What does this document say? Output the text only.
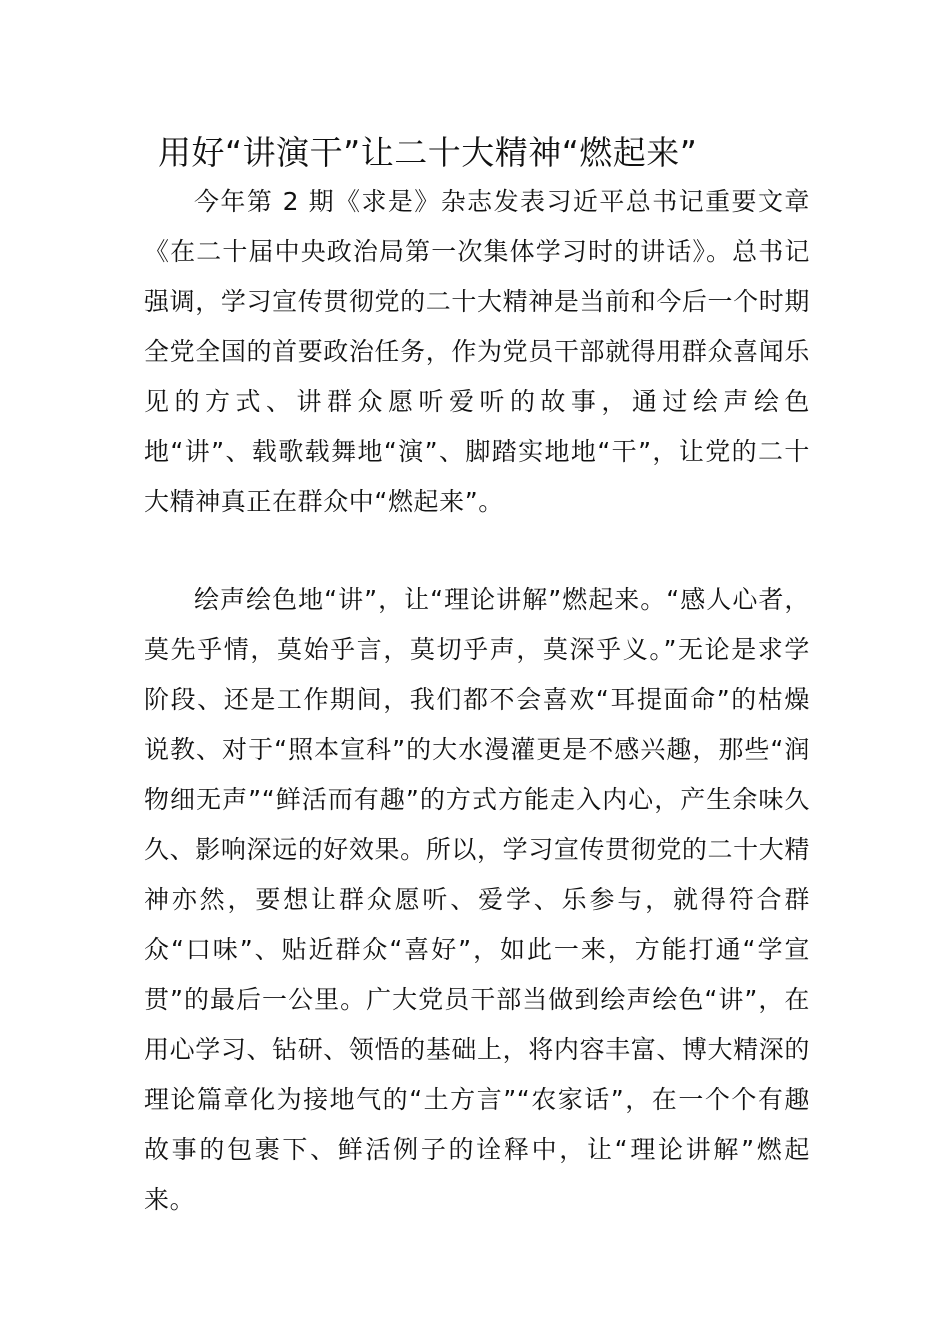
用好“讲演干”让二十大精神“燃起来”

今年第 2 期《求是》杂志发表习近平总书记重要文章《在二十届中央政治局第一次集体学习时的讲话》。总书记强调，学习宣传贯彻党的二十大精神是当前和今后一个时期全党全国的首要政治任务，作为党员干部就得用群众喜闻乐见的方式、讲群众愿听爱听的故事，通过绘声绘色地“讲”、载歌载舞地“演”、脚踏实地地“干”，让党的二十大精神真正在群众中“燃起来”。

绘声绘色地“讲”，让“理论讲解”燃起来。“感人心者，莫先乎情，莫始乎言，莫切乎声，莫深乎义。”无论是求学阶段、还是工作期间，我们都不会喜欢“耳提面命”的枯燥说教、对于“照本宣科”的大水漫灌更是不感兴趣，那些“润物细无声”“鲜活而有趣”的方式方能走入内心，产生余味久久、影响深远的好效果。所以，学习宣传贯彻党的二十大精神亦然，要想让群众愿听、爱学、乐参与，就得符合群众“口味”、贴近群众“喜好”，如此一来，方能打通“学宣贯”的最后一公里。广大党员干部当做到绘声绘色“讲”，在用心学习、钻研、领悟的基础上，将内容丰富、博大精深的理论篇章化为接地气的“土方言”“农家话”，在一个个有趣故事的包裹下、鲜活例子的诠释中，让“理论讲解”燃起来。
